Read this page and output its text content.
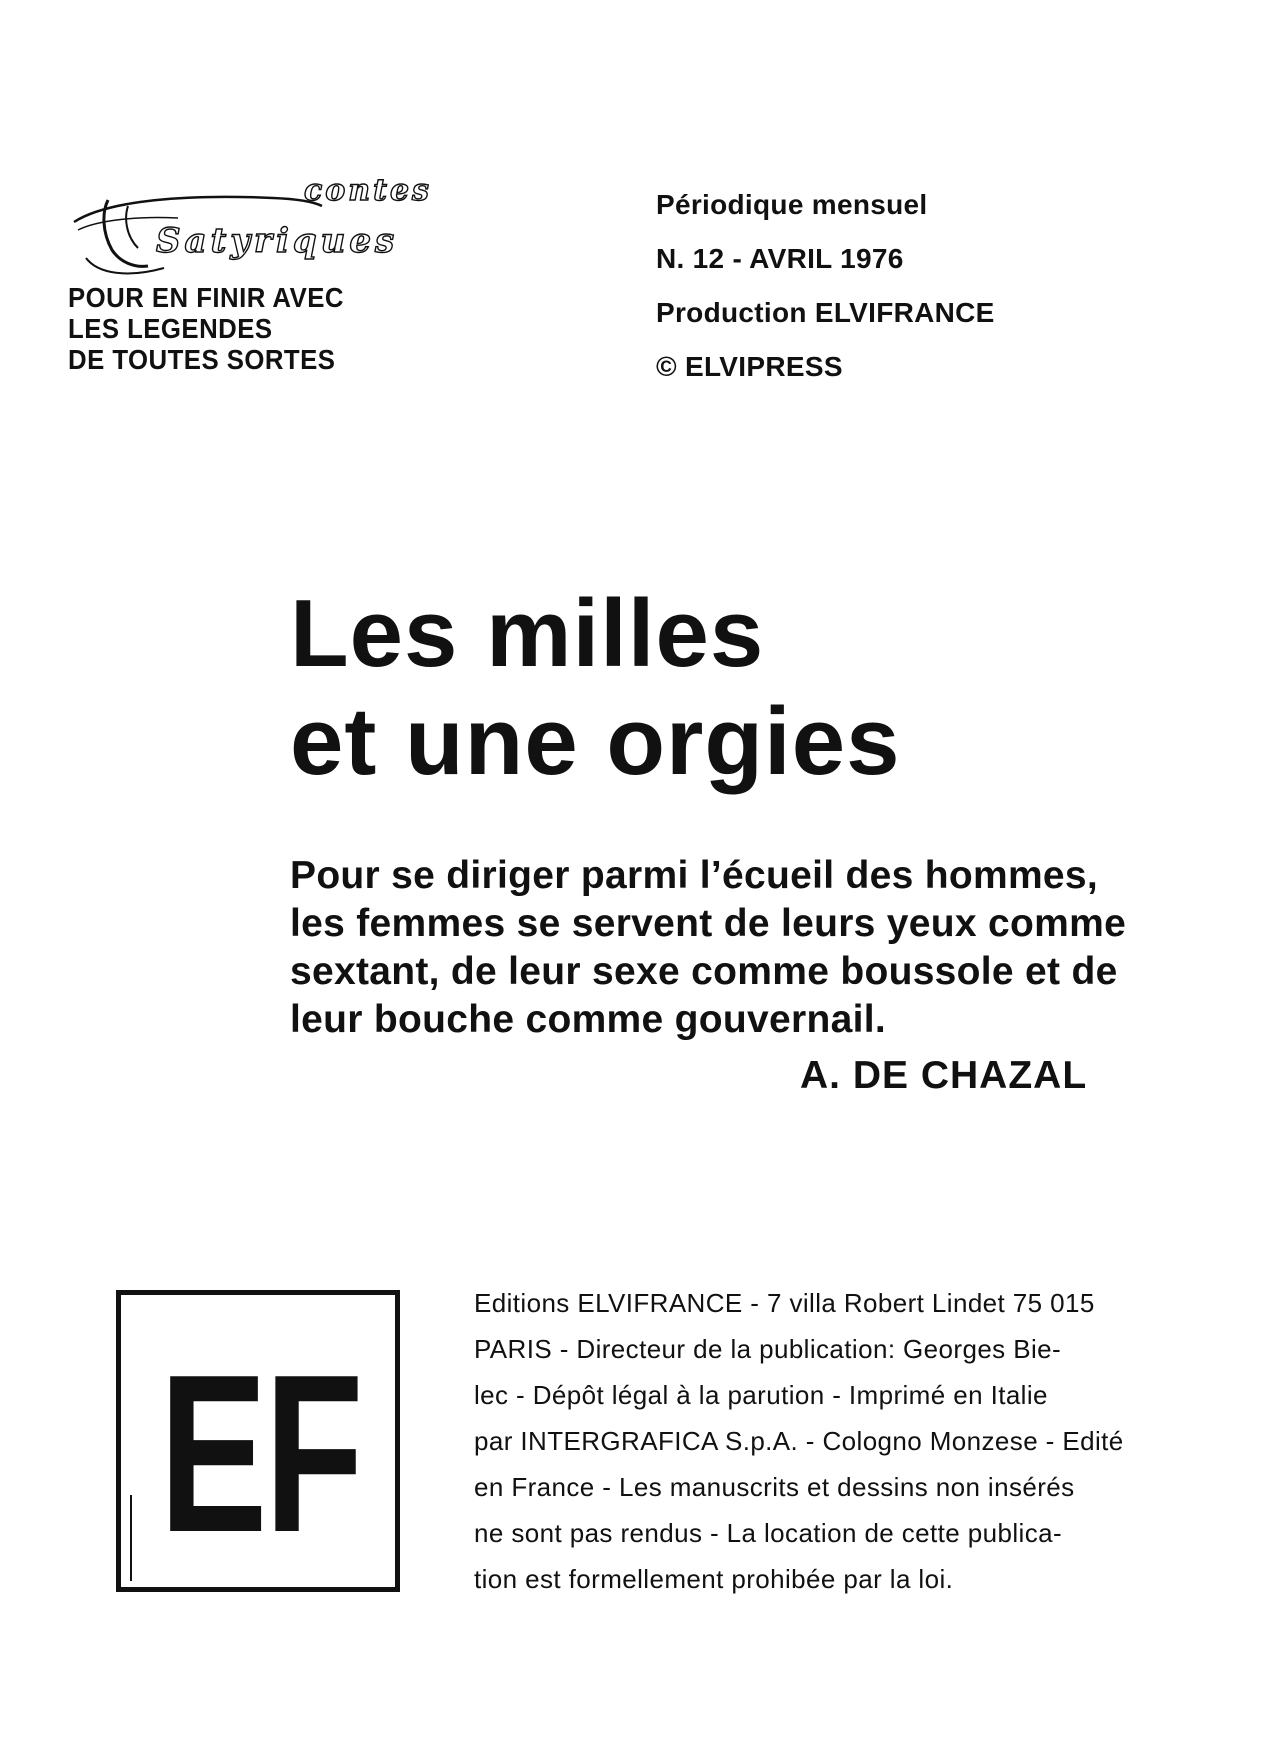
contes
Satyriques
POUR EN FINIR AVEC
LES LEGENDES
DE TOUTES SORTES
Périodique mensuel
N. 12 - AVRIL 1976
Production ELVIFRANCE
© ELVIPRESS
Les milles
et une orgies
Pour se diriger parmi l’écueil des hommes,
les femmes se servent de leurs yeux comme
sextant, de leur sexe comme boussole et de
leur bouche comme gouvernail.
A. DE CHAZAL
EF
Editions ELVIFRANCE - 7 villa Robert Lindet 75 015
PARIS - Directeur de la publication: Georges Bie-
lec - Dépôt légal à la parution - Imprimé en Italie
par INTERGRAFICA S.p.A. - Cologno Monzese - Edité
en France - Les manuscrits et dessins non insérés
ne sont pas rendus - La location de cette publica-
tion est formellement prohibée par la loi.
